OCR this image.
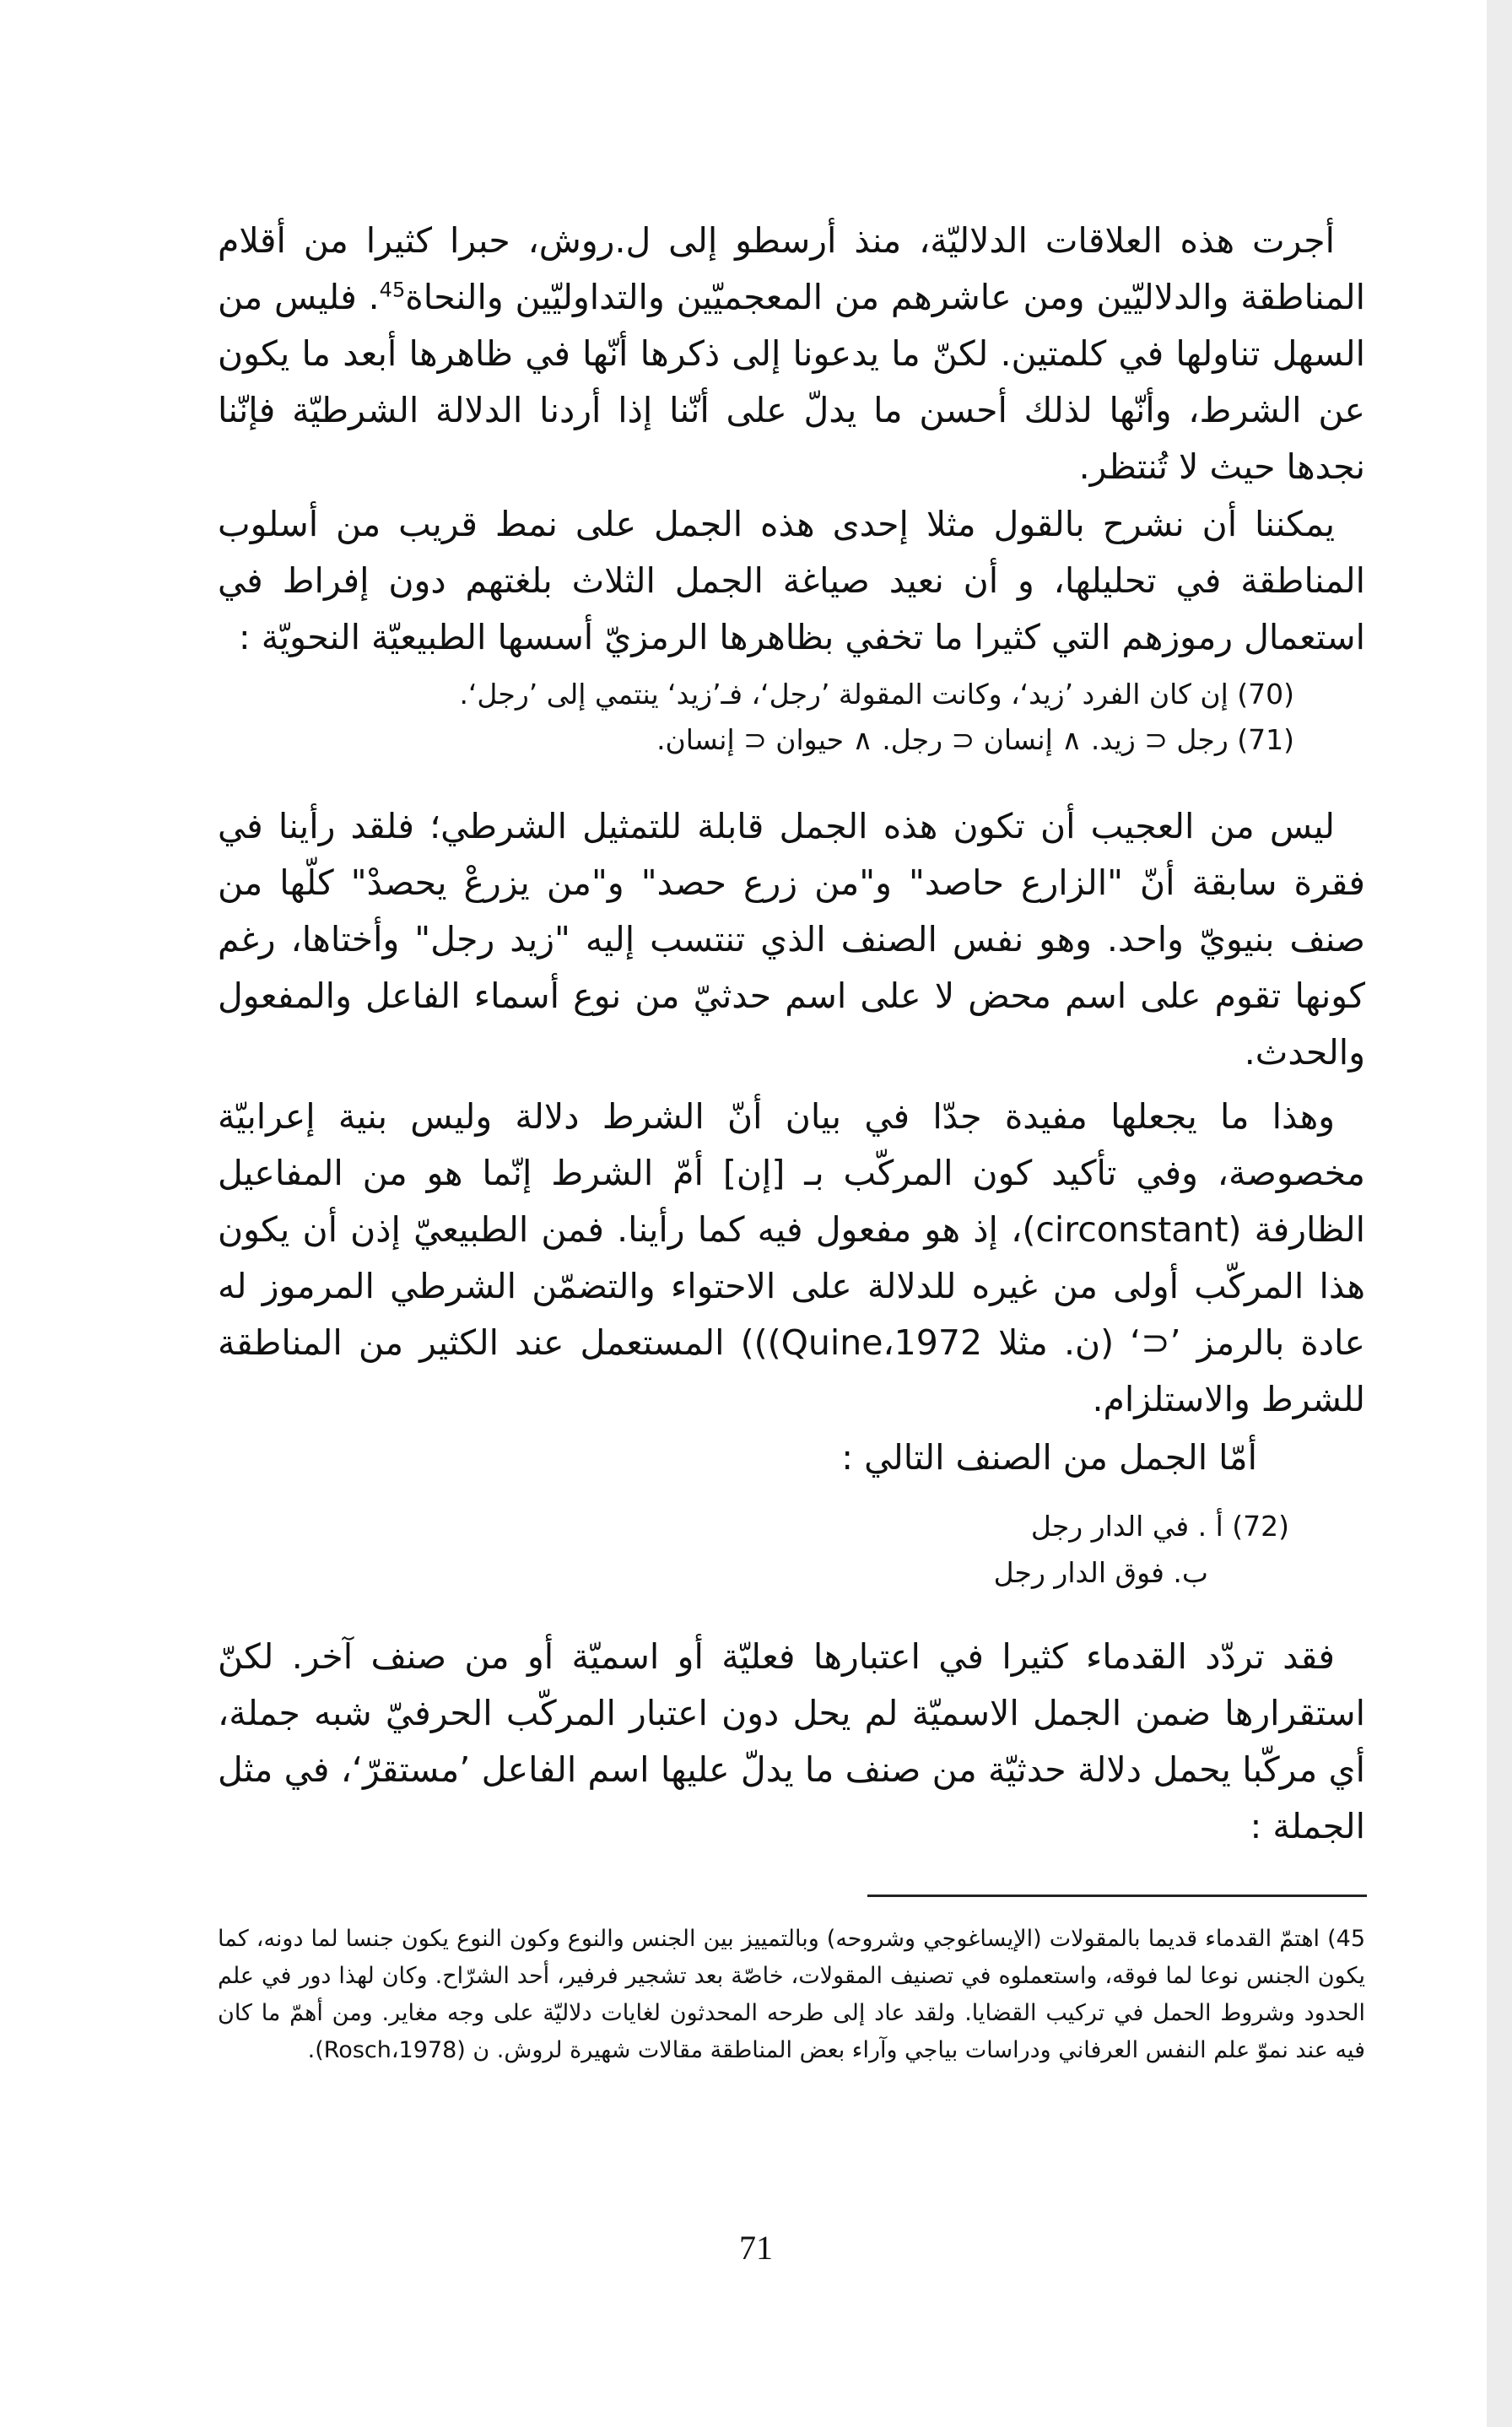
أجرت هذه العلاقات الدلاليّة، منذ أرسطو إلى ل.روش، حبرا كثيرا من أقلام المناطقة والدلاليّين ومن عاشرهم من المعجميّين والتداوليّين والنحاة$^{45}$. فليس من السهل تناولها في كلمتين. لكنّ ما يدعونا إلى ذكرها أنّها في ظاهرها أبعد ما يكون عن الشرط، وأنّها لذلك أحسن ما يدلّ على أنّنا إذا أردنا الدلالة الشرطيّة فإنّنا نجدها حيث لا تُنتظر.

يمكننا أن نشرح بالقول مثلا إحدى هذه الجمل على نمط قريب من أسلوب المناطقة في تحليلها، و أن نعيد صياغة الجمل الثلاث بلغتهم دون إفراط في استعمال رموزهم التي كثيرا ما تخفي بظاهرها الرمزيّ أسسها الطبيعيّة النحويّة :

(70) إن كان الفرد ’زيد‘، وكانت المقولة ’رجل‘، فـ’زيد‘ ينتمي إلى ’رجل‘.

(71) رجل ⊂ زيد. ∧ إنسان ⊂ رجل. ∧ حيوان ⊂ إنسان.

ليس من العجيب أن تكون هذه الجمل قابلة للتمثيل الشرطي؛ فلقد رأينا في فقرة سابقة أنّ "الزارع حاصد" و"من زرع حصد" و"من يزرعْ يحصدْ" كلّها من صنف بنيويّ واحد. وهو نفس الصنف الذي تنتسب إليه "زيد رجل" وأختاها، رغم كونها تقوم على اسم محض لا على اسم حدثيّ من نوع أسماء الفاعل والمفعول والحدث.

وهذا ما يجعلها مفيدة جدّا في بيان أنّ الشرط دلالة وليس بنية إعرابيّة مخصوصة، وفي تأكيد كون المركّب بـ [إن] أمّ الشرط إنّما هو من المفاعيل الظارفة (circonstant)، إذ هو مفعول فيه كما رأينا. فمن الطبيعيّ إذن أن يكون هذا المركّب أولى من غيره للدلالة على الاحتواء والتضمّن الشرطي المرموز له عادة بالرمز ’⊂‘ (ن. مثلا Quine،1972))) المستعمل عند الكثير من المناطقة للشرط والاستلزام.

أمّا الجمل من الصنف التالي :

(72) أ . في الدار رجل

ب. فوق الدار رجل

فقد تردّد القدماء كثيرا في اعتبارها فعليّة أو اسميّة أو من صنف آخر. لكنّ استقرارها ضمن الجمل الاسميّة لم يحل دون اعتبار المركّب الحرفيّ شبه جملة، أي مركّبا يحمل دلالة حدثيّة من صنف ما يدلّ عليها اسم الفاعل ’مستقرّ‘، في مثل الجملة :

45) اهتمّ القدماء قديما بالمقولات (الإيساغوجي وشروحه) وبالتمييز بين الجنس والنوع وكون النوع يكون جنسا لما دونه، كما يكون الجنس نوعا لما فوقه، واستعملوه في تصنيف المقولات، خاصّة بعد تشجير فرفير، أحد الشرّاح. وكان لهذا دور في علم الحدود وشروط الحمل في تركيب القضايا. ولقد عاد إلى طرحه المحدثون لغايات دلاليّة على وجه مغاير. ومن أهمّ ما كان فيه عند نموّ علم النفس العرفاني ودراسات بياجي وآراء بعض المناطقة مقالات شهيرة لروش. ن (Rosch،1978).

71
